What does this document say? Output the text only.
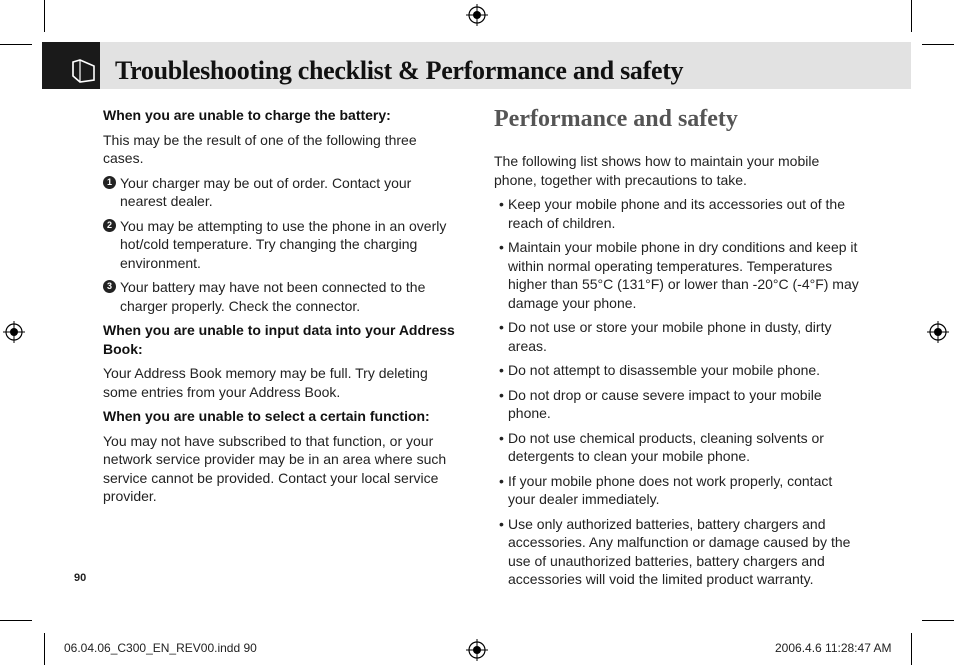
Troubleshooting checklist & Performance and safety
When you are unable to charge the battery:
This may be the result of one of the following three cases.
1 Your charger may be out of order. Contact your nearest dealer.
2 You may be attempting to use the phone in an overly hot/cold temperature. Try changing the charging environment.
3 Your battery may have not been connected to the charger properly. Check the connector.
When you are unable to input data into your Address Book:
Your Address Book memory may be full. Try deleting some entries from your Address Book.
When you are unable to select a certain function:
You may not have subscribed to that function, or your network service provider may be in an area where such service cannot be provided. Contact your local service provider.
Performance and safety
The following list shows how to maintain your mobile phone, together with precautions to take.
• Keep your mobile phone and its accessories out of the reach of children.
• Maintain your mobile phone in dry conditions and keep it within normal operating temperatures. Temperatures higher than 55°C (131°F) or lower than -20°C (-4°F) may damage your phone.
• Do not use or store your mobile phone in dusty, dirty areas.
• Do not attempt to disassemble your mobile phone.
• Do not drop or cause severe impact to your mobile phone.
• Do not use chemical products, cleaning solvents or detergents to clean your mobile phone.
• If your mobile phone does not work properly, contact your dealer immediately.
• Use only authorized batteries, battery chargers and accessories. Any malfunction or damage caused by the use of unauthorized batteries, battery chargers and accessories will void the limited product warranty.
90
06.04.06_C300_EN_REV00.indd 90	2006.4.6 11:28:47 AM
